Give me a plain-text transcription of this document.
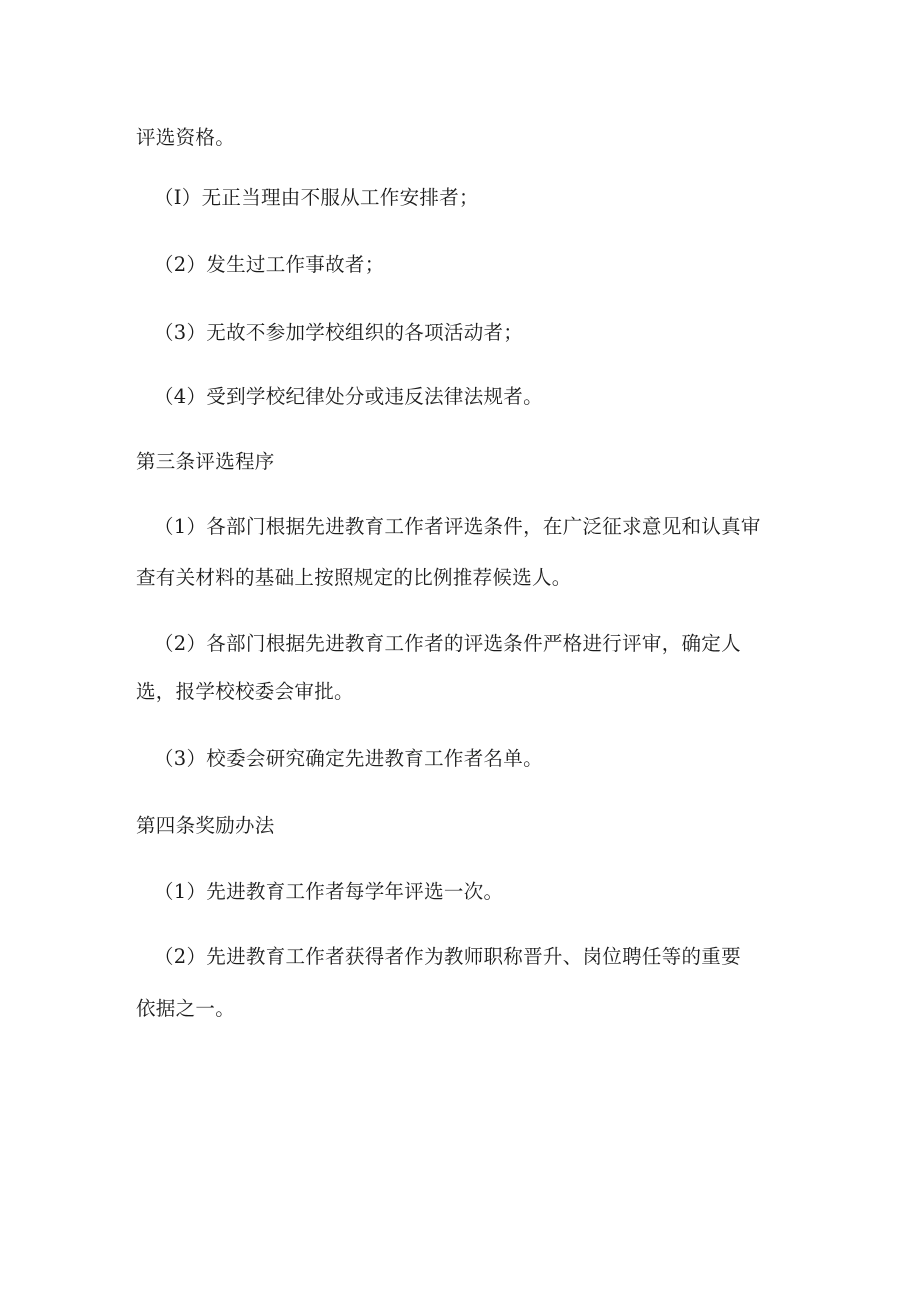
评选资格。
（I）无正当理由不服从工作安排者；
（2）发生过工作事故者；
（3）无故不参加学校组织的各项活动者；
（4）受到学校纪律处分或违反法律法规者。
第三条评选程序
（1）各部门根据先进教育工作者评选条件，在广泛征求意见和认真审
查有关材料的基础上按照规定的比例推荐候选人。
（2）各部门根据先进教育工作者的评选条件严格进行评审，确定人
选，报学校校委会审批。
（3）校委会研究确定先进教育工作者名单。
第四条奖励办法
（1）先进教育工作者每学年评选一次。
（2）先进教育工作者获得者作为教师职称晋升、岗位聘任等的重要
依据之一。
